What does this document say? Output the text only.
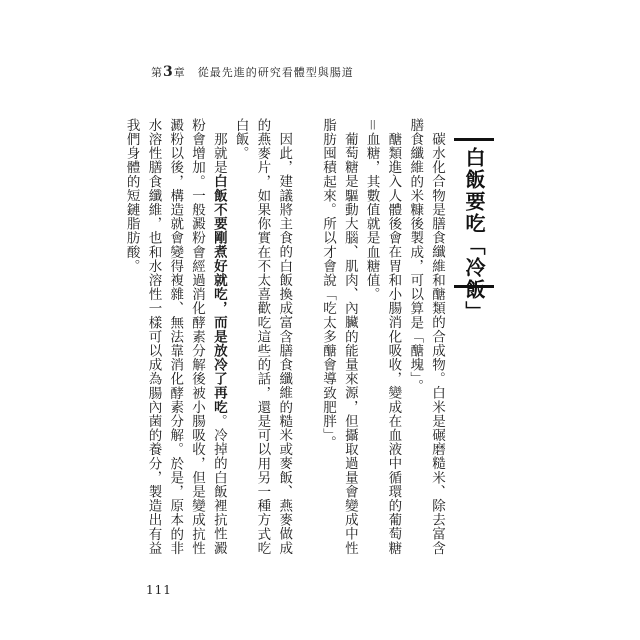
第3章 從最先進的研究看體型與腸道
白飯要吃「冷飯」

碳水化合物是膳食纖維和醣類的合成物。白米是碾磨糙米、除去富含膳食纖維的米糠後製成，可以算是「醣塊」。

醣類進入人體後會在胃和小腸消化吸收，變成在血液中循環的葡萄糖＝血糖，其數值就是血糖值。

葡萄糖是驅動大腦、肌肉、內臟的能量來源，但攝取過量會變成中性脂肪囤積起來。所以才會說「吃太多醣會導致肥胖」。

因此，建議將主食的白飯換成富含膳食纖維的糙米或麥飯、燕麥做成的燕麥片，如果你實在不太喜歡吃這些的話，還是可以用另一種方式吃白飯。

那就是白飯不要剛煮好就吃，而是放冷了再吃。冷掉的白飯裡抗性澱粉會增加。一般澱粉會經過消化酵素分解後被小腸吸收，但是變成抗性澱粉以後，構造就會變得複雜、無法靠消化酵素分解。於是，原本的非水溶性膳食纖維，也和水溶性一樣可以成為腸內菌的養分，製造出有益我們身體的短鏈脂肪酸。

111
